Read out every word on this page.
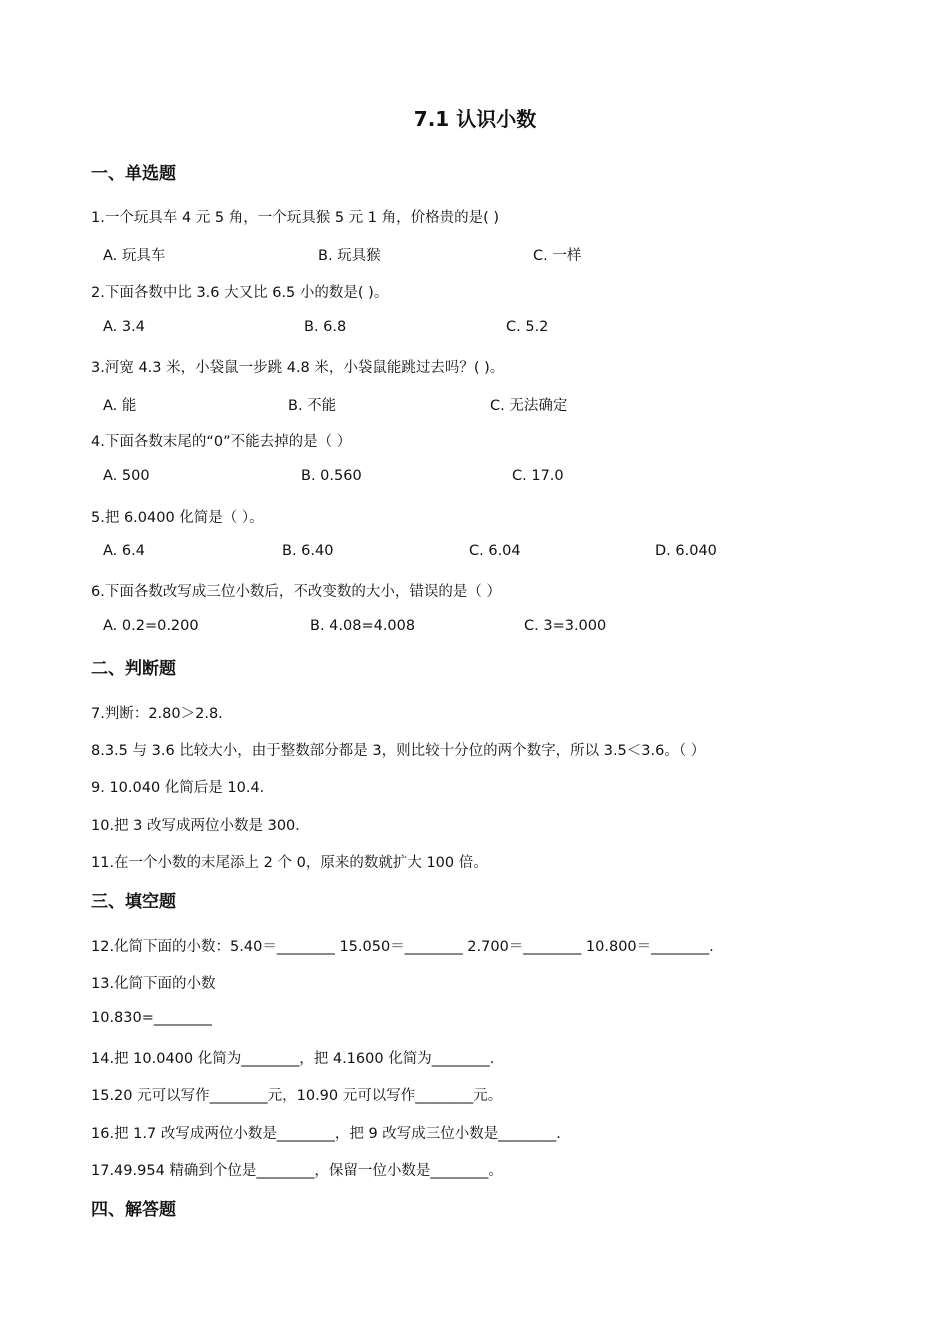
7.1 认识小数
一、单选题
1.一个玩具车 4 元 5 角，一个玩具猴 5 元 1 角，价格贵的是( )
A. 玩具车	B. 玩具猴	C. 一样
2.下面各数中比 3.6 大又比 6.5 小的数是( )。
A. 3.4	B. 6.8	C. 5.2
3.河宽 4.3 米，小袋鼠一步跳 4.8 米，小袋鼠能跳过去吗？( )。
A. 能	B. 不能	C. 无法确定
4.下面各数末尾的“0”不能去掉的是（ ）
A. 500	B. 0.560	C. 17.0
5.把 6.0400 化简是（ ）。
A. 6.4	B. 6.40	C. 6.04	D. 6.040
6.下面各数改写成三位小数后，不改变数的大小，错误的是（ ）
A. 0.2=0.200	B. 4.08=4.008	C. 3=3.000
二、判断题
7.判断：2.80＞2.8.
8.3.5 与 3.6 比较大小，由于整数部分都是 3，则比较十分位的两个数字，所以 3.5＜3.6。（ ）
9. 10.040 化简后是 10.4．
10.把 3 改写成两位小数是 300．
11.在一个小数的末尾添上 2 个 0，原来的数就扩大 100 倍。
三、填空题
12.化简下面的小数：5.40＝________ 15.050＝________ 2.700＝________ 10.800＝________.
13.化简下面的小数
10.830=________
14.把 10.0400 化简为________，把 4.1600 化简为________.
15.20 元可以写作________元，10.90 元可以写作________元。
16.把 1.7 改写成两位小数是________，把 9 改写成三位小数是________.
17.49.954 精确到个位是________，保留一位小数是________。
四、解答题
